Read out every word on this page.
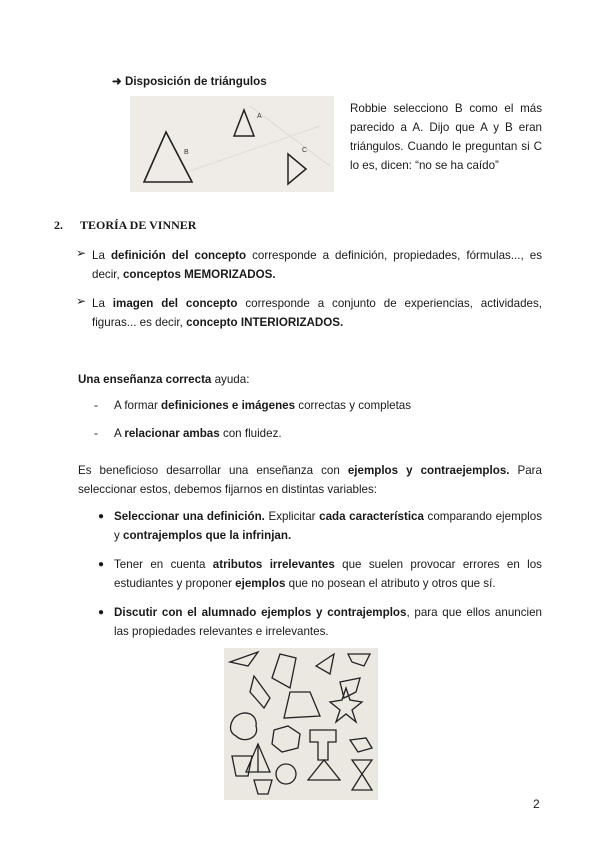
➜ Disposición de triángulos
A
B	C
Robbie selecciono B como el más parecido a A. Dijo que A y B eran triángulos. Cuando le preguntan si C lo es, dicen: “no se ha caído”
2. TEORÍA DE VINNER
➢ La definición del concepto corresponde a definición, propiedades, fórmulas..., es decir, conceptos MEMORIZADOS.
➢ La imagen del concepto corresponde a conjunto de experiencias, actividades, figuras... es decir, concepto INTERIORIZADOS.
Una enseñanza correcta ayuda:
- A formar definiciones e imágenes correctas y completas
- A relacionar ambas con fluidez.
Es beneficioso desarrollar una enseñanza con ejemplos y contraejemplos. Para seleccionar estos, debemos fijarnos en distintas variables:
● Seleccionar una definición. Explicitar cada característica comparando ejemplos y contrajemplos que la infrinjan.
● Tener en cuenta atributos irrelevantes que suelen provocar errores en los estudiantes y proponer ejemplos que no posean el atributo y otros que sí.
● Discutir con el alumnado ejemplos y contrajemplos, para que ellos anuncien las propiedades relevantes e irrelevantes.
2
